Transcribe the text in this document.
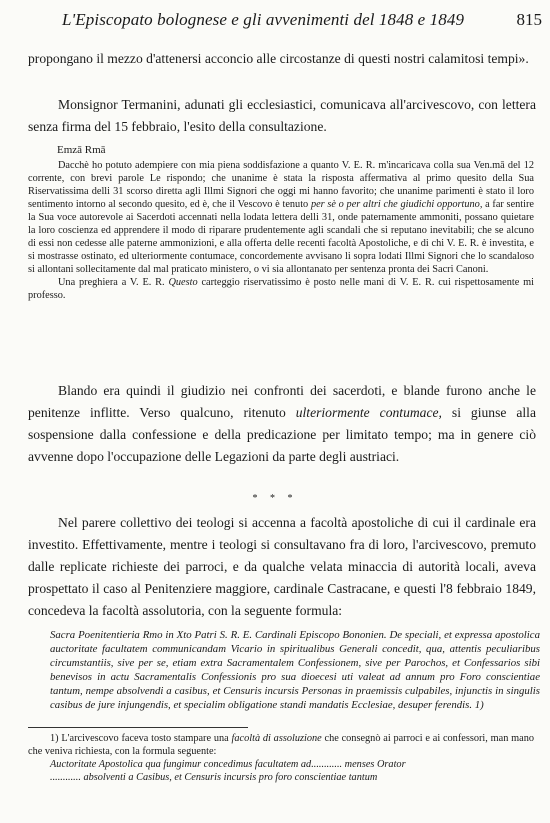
L'Episcopato bolognese e gli avvenimenti del 1848 e 1849	815
propongano il mezzo d'attenersi acconcio alle circostanze di questi nostri calamitosi tempi».
Monsignor Termanini, adunati gli ecclesiastici, comunicava all'arcivescovo, con lettera senza firma del 15 febbraio, l'esito della consultazione.
Emzā Rmā

Dacchè ho potuto adempiere con mia piena soddisfazione a quanto V. E. R. m'incaricava colla sua Ven.mā del 12 corrente, con brevi parole Le rispondo; che unanime è stata la risposta affermativa al primo quesito della Sua Riservatissima delli 31 scorso diretta agli Illmi Signori che oggi mi hanno favorito; che unanime parimenti è stato il loro sentimento intorno al secondo quesito, ed è, che il Vescovo è tenuto per sè o per altri che giudichi opportuno, a far sentire la Sua voce autorevole ai Sacerdoti accennati nella lodata lettera delli 31, onde paternamente ammoniti, possano quietare la loro coscienza ed apprendere il modo di riparare prudentemente agli scandali che si reputano inevitabili; che se alcuno di essi non cedesse alle paterne ammonizioni, e alla offerta delle recenti facoltà Apostoliche, e di chi V. E. R. è investita, e si mostrasse ostinato, ed ulteriormente contumace, concordemente avvisano li sopra lodati Illmi Signori che lo scandaloso si allontani sollecitamente dal mal praticato ministero, o vi sia allontanato per sentenza pronta dei Sacri Canoni.

Una preghiera a V. E. R. Questo carteggio riservatissimo è posto nelle mani di V. E. R. cui rispettosamente mi professo.

Blando era quindi il giudizio nei confronti dei sacerdoti, e blande furono anche le penitenze inflitte. Verso qualcuno, ritenuto ulteriormente contumace, si giunse alla sospensione dalla confessione e della predicazione per limitato tempo; ma in genere ciò avvenne dopo l'occupazione delle Legazioni da parte degli austriaci.
* * *
Nel parere collettivo dei teologi si accenna a facoltà apostoliche di cui il cardinale era investito. Effettivamente, mentre i teologi si consultavano fra di loro, l'arcivescovo, premuto dalle replicate richieste dei parroci, e da qualche velata minaccia di autorità locali, aveva prospettato il caso al Penitenziere maggiore, cardinale Castracane, e questi l'8 febbraio 1849, concedeva la facoltà assolutoria, con la seguente formula:
Sacra Poenitentieria Rmo in Xto Patri S. R. E. Cardinali Episcopo Bononien. De speciali, et expressa apostolica auctoritate facultatem communicandam Vicario in spiritualibus Generali concedit, qua, attentis peculiaribus circumstantiis, sive per se, etiam extra Sacramentalem Confessionem, sive per Parochos, et Confessarios sibi benevisos in actu Sacramentalis Confessionis pro sua dioecesi uti valeat ad annum pro Foro conscientiae tantum, nempe absolvendi a casibus, et Censuris incursis Personas in praemissis culpabiles, injunctis in singulis casibus de jure injungendis, et specialim obligatione standi mandatis Ecclesiae, desuper ferendis. 1)

1) L'arcivescovo faceva tosto stampare una facoltà di assoluzione che consegnò ai parroci e ai confessori, man mano che veniva richiesta, con la formula seguente:

Auctoritate Apostolica qua fungimur concedimus facultatem ad............ menses Orator

............ absolventi a Casibus, et Censuris incursis pro foro conscientiae tantum
